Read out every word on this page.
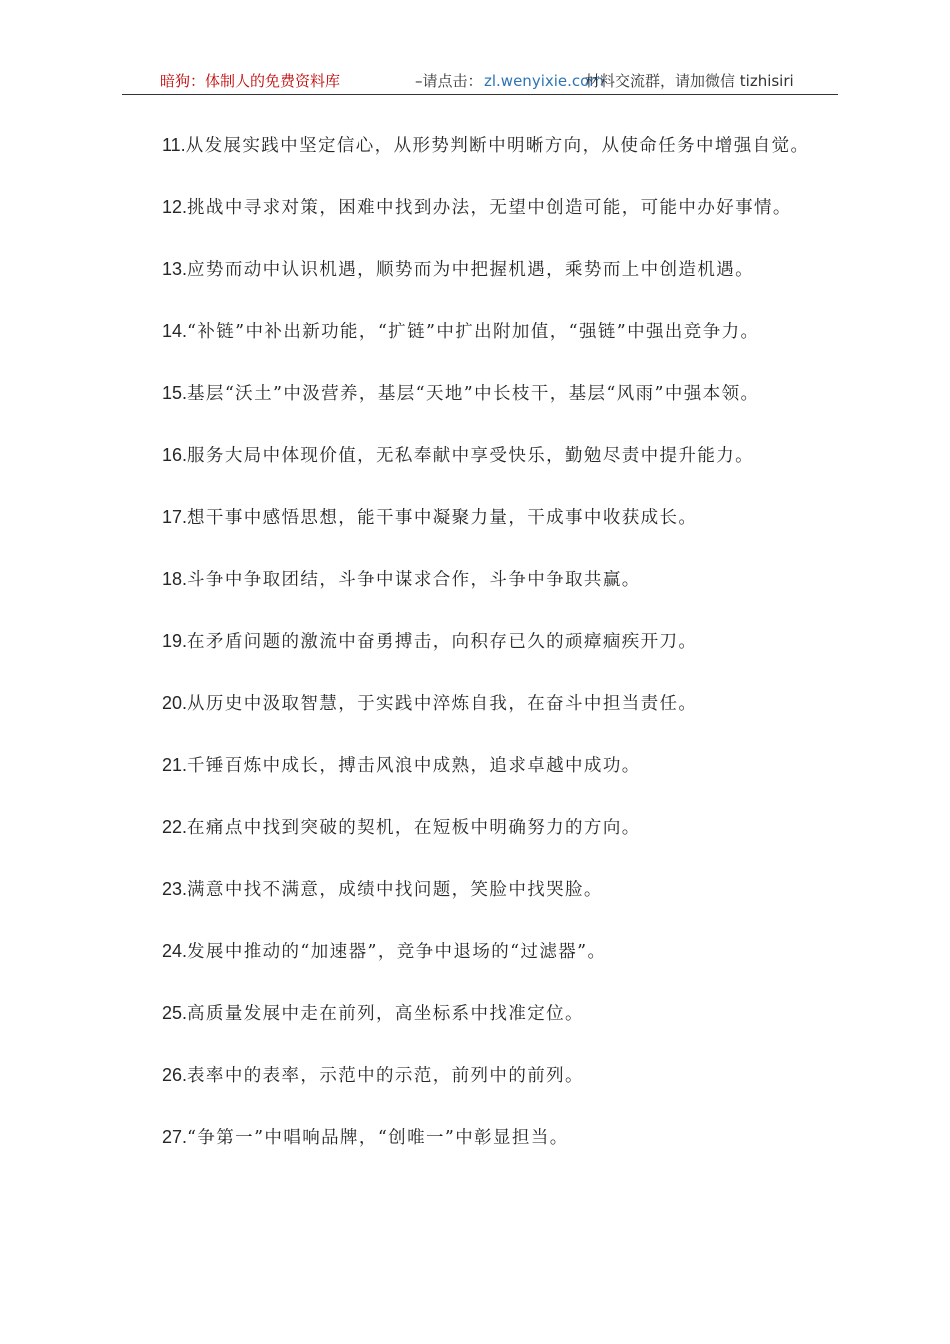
暗狗：体制人的免费资料库	–请点击： zl.wenyixie.com
材料交流群，请加微信 tizhisiri
11.从发展实践中坚定信心，从形势判断中明晰方向，从使命任务中增强自觉。
12.挑战中寻求对策，困难中找到办法，无望中创造可能，可能中办好事情。
13.应势而动中认识机遇，顺势而为中把握机遇，乘势而上中创造机遇。
14.“补链”中补出新功能，“扩链”中扩出附加值，“强链”中强出竞争力。
15.基层“沃土”中汲营养，基层“天地”中长枝干，基层“风雨”中强本领。
16.服务大局中体现价值，无私奉献中享受快乐，勤勉尽责中提升能力。
17.想干事中感悟思想，能干事中凝聚力量，干成事中收获成长。
18.斗争中争取团结，斗争中谋求合作，斗争中争取共赢。
19.在矛盾问题的激流中奋勇搏击，向积存已久的顽瘴痼疾开刀。
20.从历史中汲取智慧，于实践中淬炼自我，在奋斗中担当责任。
21.千锤百炼中成长，搏击风浪中成熟，追求卓越中成功。
22.在痛点中找到突破的契机，在短板中明确努力的方向。
23.满意中找不满意，成绩中找问题，笑脸中找哭脸。
24.发展中推动的“加速器”，竞争中退场的“过滤器”。
25.高质量发展中走在前列，高坐标系中找准定位。
26.表率中的表率，示范中的示范，前列中的前列。
27.“争第一”中唱响品牌，“创唯一”中彰显担当。
